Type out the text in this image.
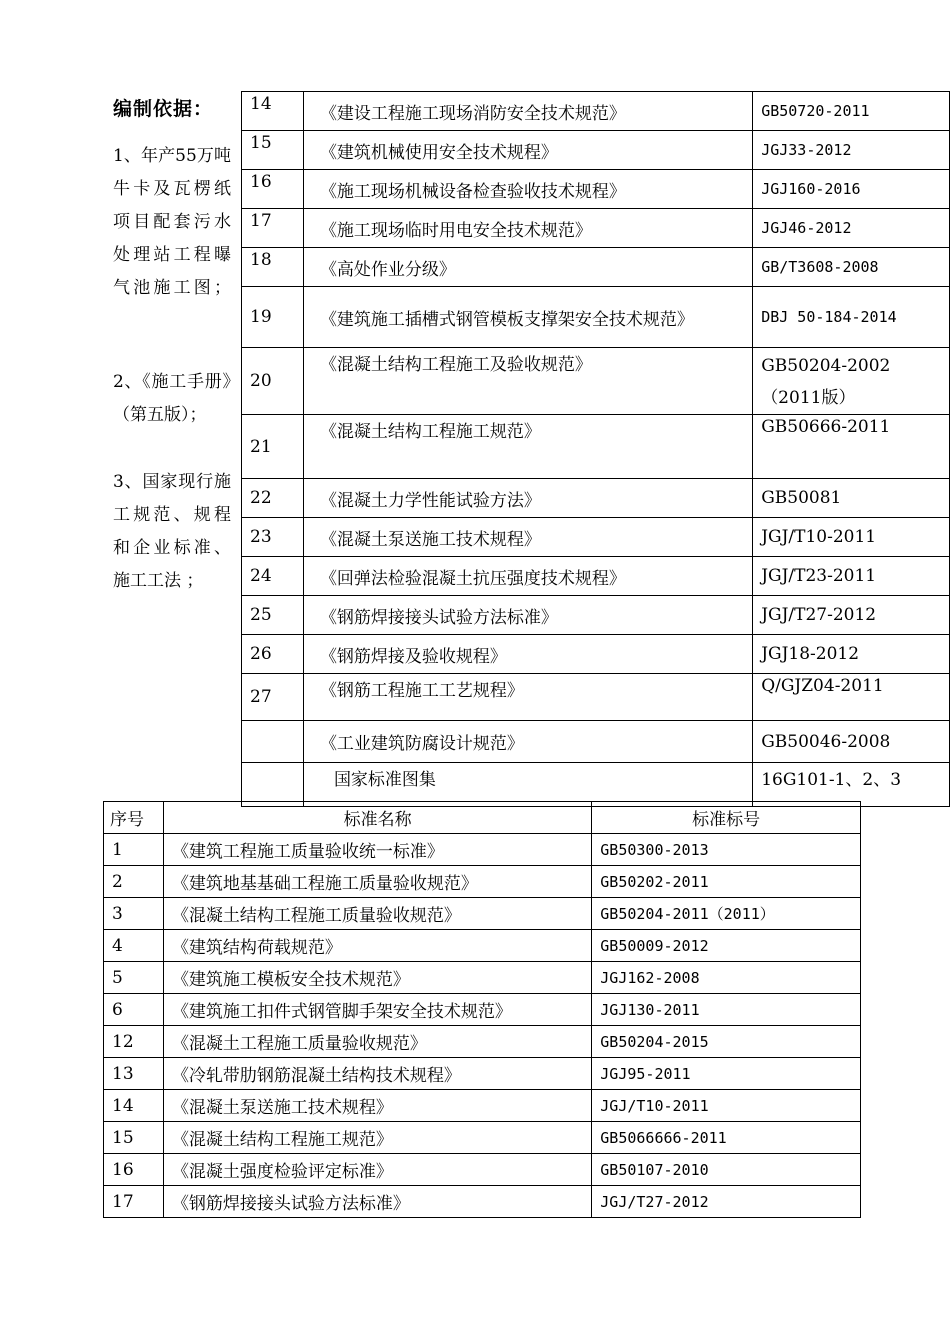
编制依据：
1、年产55万吨牛卡及瓦楞纸项目配套污水处理站工程曝气池施工图；
2、《施工手册》（第五版）；
3、国家现行施工规范、规程和企业标准、施工工法 ；
14	《建设工程施工现场消防安全技术规范》	GB50720-2011
15	《建筑机械使用安全技术规程》	JGJ33-2012
16	《施工现场机械设备检查验收技术规程》	JGJ160-2016
17	《施工现场临时用电安全技术规范》	JGJ46-2012
18	《高处作业分级》	GB/T3608-2008
19	《建筑施工插槽式钢管模板支撑架安全技术规范》	DBJ 50-184-2014
20	《混凝土结构工程施工及验收规范》	GB50204-2002（2011版）
21	《混凝土结构工程施工规范》	GB50666-2011
22	《混凝土力学性能试验方法》	GB50081
23	《混凝土泵送施工技术规程》	JGJ/T10-2011
24	《回弹法检验混凝土抗压强度技术规程》	JGJ/T23-2011
25	《钢筋焊接接头试验方法标准》	JGJ/T27-2012
26	《钢筋焊接及验收规程》	JGJ18-2012
27	《钢筋工程施工工艺规程》	Q/GJZ04-2011
	《工业建筑防腐设计规范》	GB50046-2008
	国家标准图集	16G101-1、2、3
序号	标准名称	标准标号
1	《建筑工程施工质量验收统一标准》	GB50300-2013
2	《建筑地基基础工程施工质量验收规范》	GB50202-2011
3	《混凝土结构工程施工质量验收规范》	GB50204-2011（2011）
4	《建筑结构荷载规范》	GB50009-2012
5	《建筑施工模板安全技术规范》	JGJ162-2008
6	《建筑施工扣件式钢管脚手架安全技术规范》	JGJ130-2011
12	《混凝土工程施工质量验收规范》	GB50204-2015
13	《冷轧带肋钢筋混凝土结构技术规程》	JGJ95-2011
14	《混凝土泵送施工技术规程》	JGJ/T10-2011
15	《混凝土结构工程施工规范》	GB5066666-2011
16	《混凝土强度检验评定标准》	GB50107-2010
17	《钢筋焊接接头试验方法标准》	JGJ/T27-2012
